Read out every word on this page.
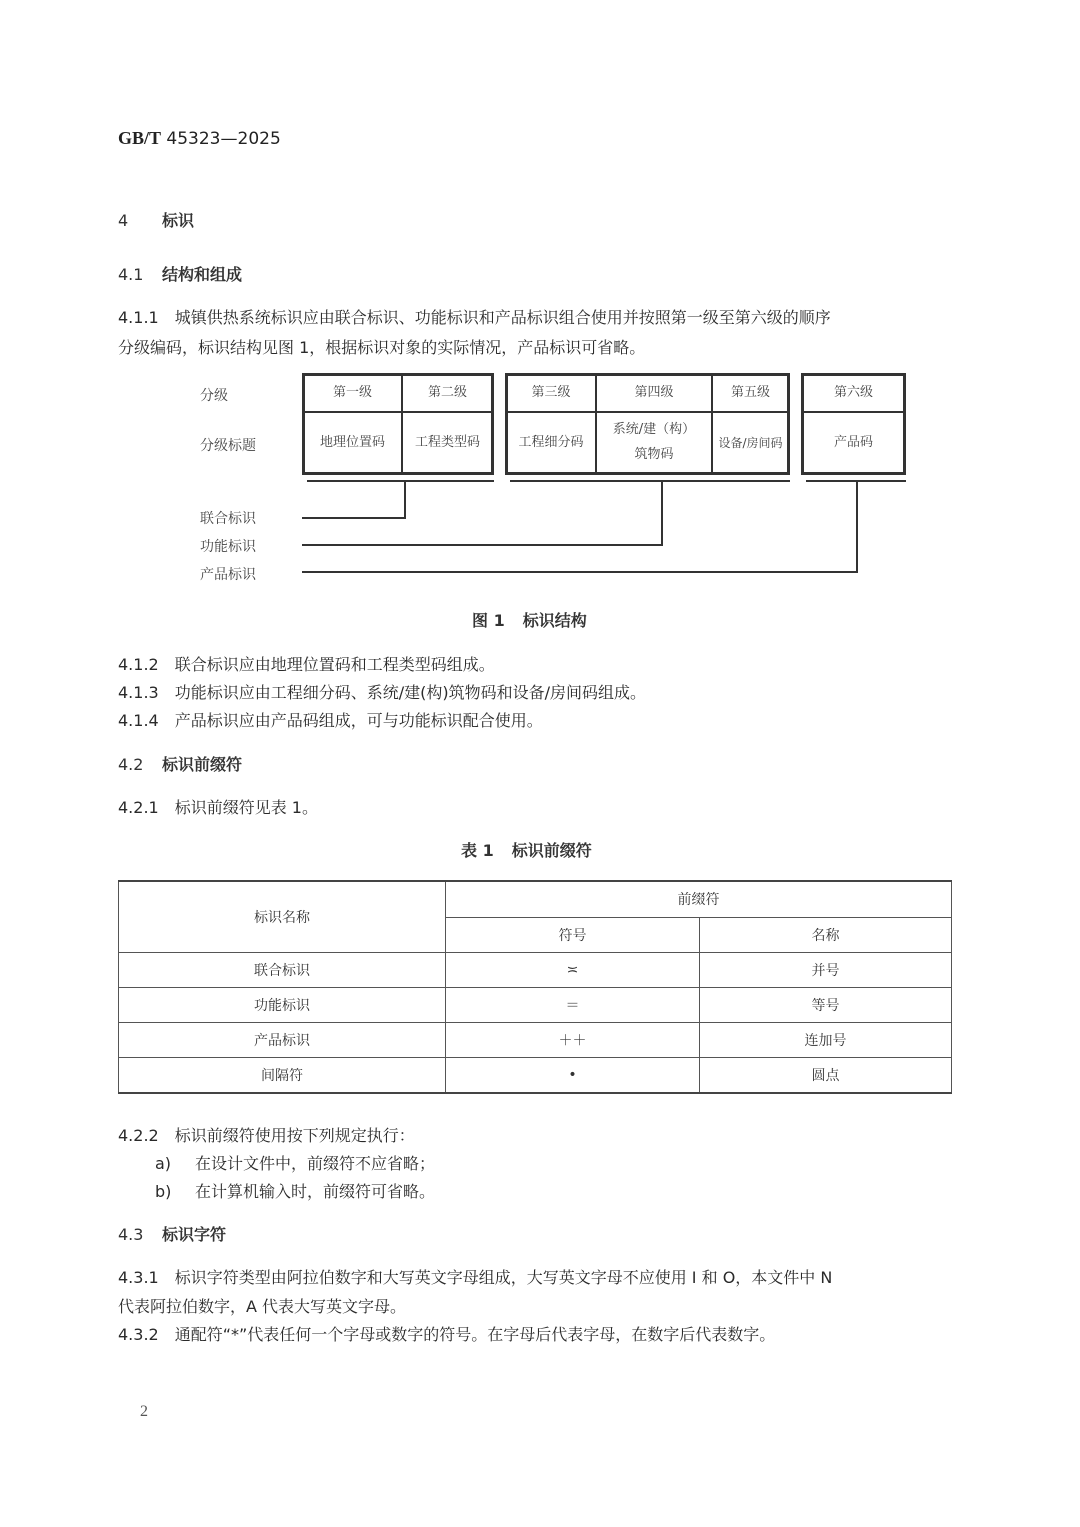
GB/T 45323—2025
4 标识
4.1 结构和组成
4.1.1 城镇供热系统标识应由联合标识、功能标识和产品标识组合使用并按照第一级至第六级的顺序
分级编码，标识结构见图 1，根据标识对象的实际情况，产品标识可省略。
分级
分级标题
第一级	第二级
地理位置码	工程类型码
第三级	第四级	第五级
工程细分码
系统/建（构）
筑物码
设备/房间码
第六级
产品码
联合标识
功能标识
产品标识
图 1 标识结构
4.1.2 联合标识应由地理位置码和工程类型码组成。
4.1.3 功能标识应由工程细分码、系统/建(构)筑物码和设备/房间码组成。
4.1.4 产品标识应由产品码组成，可与功能标识配合使用。
4.2 标识前缀符
4.2.1 标识前缀符见表 1。
表 1 标识前缀符
标识名称	前缀符	
	符号	名称
联合标识	≍	并号
功能标识	＝	等号
产品标识	＋＋	连加号
间隔符	•	圆点
4.2.2 标识前缀符使用按下列规定执行：
a) 在设计文件中，前缀符不应省略；
b) 在计算机输入时，前缀符可省略。
4.3 标识字符
4.3.1 标识字符类型由阿拉伯数字和大写英文字母组成，大写英文字母不应使用 I 和 O，本文件中 N
代表阿拉伯数字，A 代表大写英文字母。
4.3.2 通配符“*”代表任何一个字母或数字的符号。在字母后代表字母，在数字后代表数字。
2
